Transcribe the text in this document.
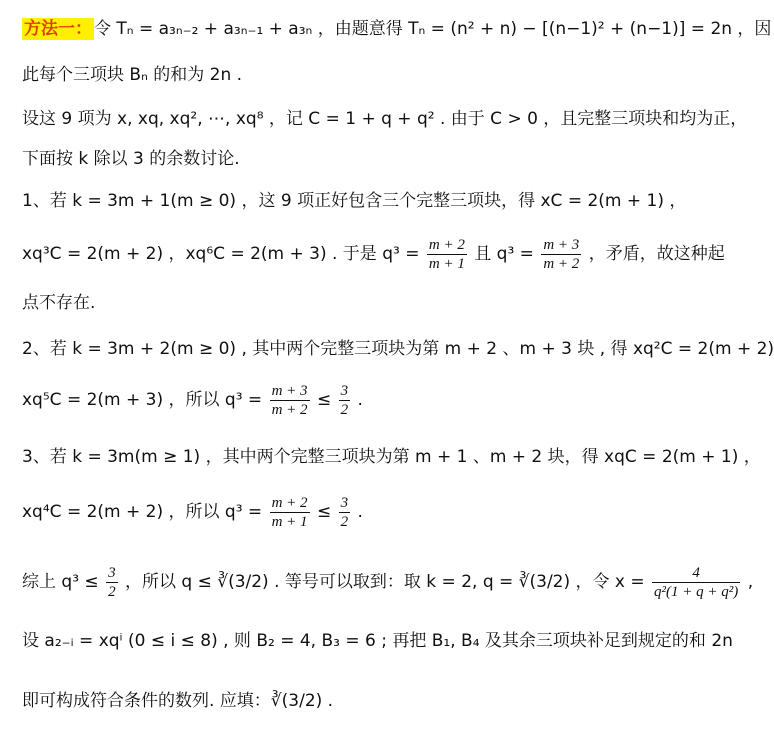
方法一： 令 Tₙ = a₃ₙ₋₂ + a₃ₙ₋₁ + a₃ₙ ，由题意得 Tₙ = (n² + n) − [(n−1)² + (n−1)] = 2n ，因
此每个三项块 Bₙ 的和为 2n .
设这 9 项为 x, xq, xq², ⋯, xq⁸ ，记 C = 1 + q + q² . 由于 C > 0 ，且完整三项块和均为正，
下面按 k 除以 3 的余数讨论.
1、若 k = 3m + 1(m ≥ 0) ，这 9 项正好包含三个完整三项块，得 xC = 2(m + 1) ，
xq³C = 2(m + 2) ，xq⁶C = 2(m + 3) . 于是 $q^3 = \frac{m + 2}{m + 1}$ 且 $q^3 = \frac{m + 3}{m + 2}$ ，矛盾，故这种起
点不存在.
2、若 k = 3m + 2(m ≥ 0) , 其中两个完整三项块为第 m + 2 、m + 3 块 , 得 xq²C = 2(m + 2)
xq⁵C = 2(m + 3) ，所以 $q^3 = \frac{m + 3}{m + 2} \le \frac{3}{2}$ .
3、若 k = 3m(m ≥ 1) ，其中两个完整三项块为第 m + 1 、m + 2 块，得 xqC = 2(m + 1) ，
xq⁴C = 2(m + 2) ，所以 $q^3 = \frac{m + 2}{m + 1} \le \frac{3}{2}$ .
综上 $q^3 \le \frac{3}{2}$ ，所以 q ≤ ∛(3/2) . 等号可以取到：取 k = 2, q = ∛(3/2) ，令 $x = \frac{4}{\text{q²(1 + q + q²)}}$ ,
设 a₂₋ᵢ = xqⁱ (0 ≤ i ≤ 8) , 则 B₂ = 4, B₃ = 6 ; 再把 B₁, B₄ 及其余三项块补足到规定的和 2n
即可构成符合条件的数列. 应填：∛(3/2) .
